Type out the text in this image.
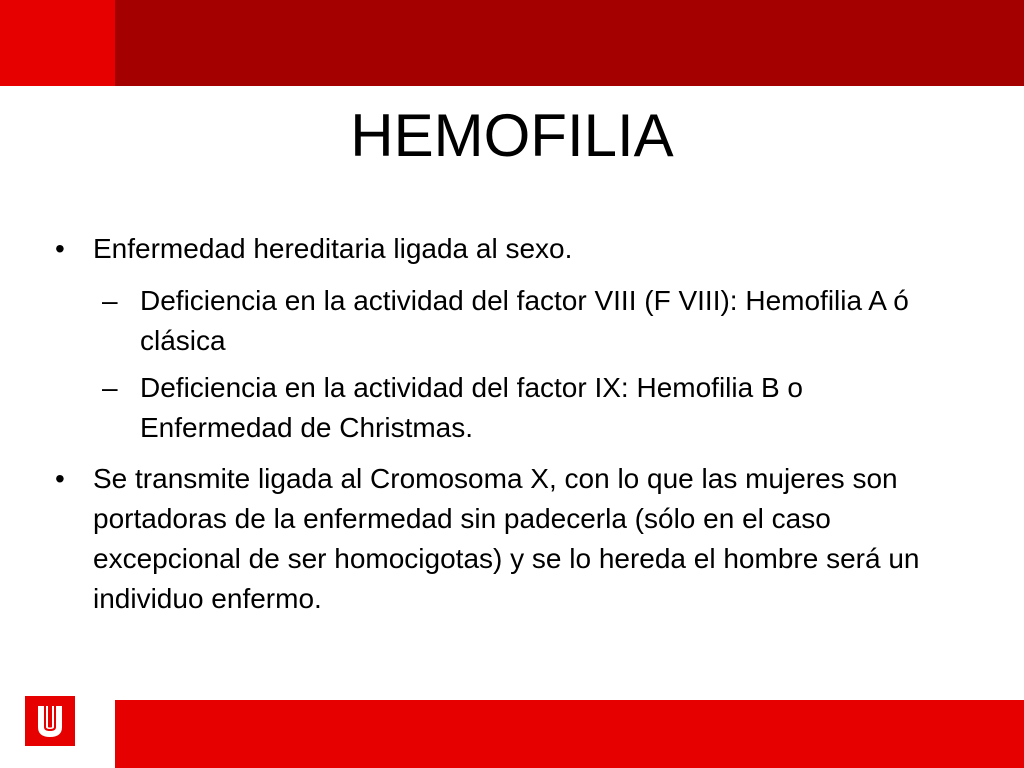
HEMOFILIA
• Enfermedad hereditaria ligada al sexo.
– Deficiencia en la actividad del factor VIII (F VIII): Hemofilia A ó clásica
– Deficiencia en la actividad del factor IX: Hemofilia B o Enfermedad de Christmas.
• Se transmite ligada al Cromosoma X, con lo que las mujeres son portadoras de la enfermedad sin padecerla (sólo en el caso excepcional de ser homocigotas) y se lo hereda el hombre será un individuo enfermo.
